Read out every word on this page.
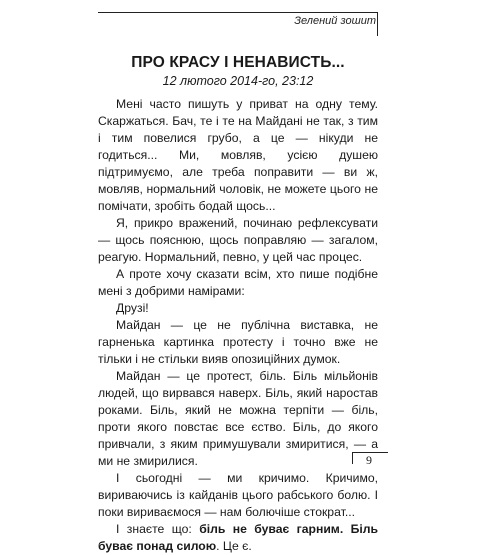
Зелений зошит
ПРО КРАСУ І НЕНАВИСТЬ...
12 лютого 2014-го, 23:12

Мені часто пишуть у приват на одну тему. Скаржаться. Бач, те і те на Майдані не так, з тим і тим повелися грубо, а це — нікуди не годиться... Ми, мовляв, усією душею підтримуємо, але треба поправити — ви ж, мовляв, нормальний чоловік, не можете цього не помічати, зробіть бодай щось...

Я, прикро вражений, починаю рефлексувати — щось пояснюю, щось поправляю — загалом, реагую. Нормальний, певно, у цей час процес.

А проте хочу сказати всім, хто пише подібне мені з добрими намірами:

Друзі!

Майдан — це не публічна виставка, не гарненька картинка протесту і точно вже не тільки і не стільки вияв опозиційних думок.

Майдан — це протест, біль. Біль мільйонів людей, що вирвався наверх. Біль, який наростав роками. Біль, який не можна терпіти — біль, проти якого повстає все єство. Біль, до якого привчали, з яким примушували змиритися, — а ми не змирилися.

І сьогодні — ми кричимо. Кричимо, вириваючись із кайданів цього рабського болю. І поки вириваємося — нам болючіше стократ...

І знаєте що: біль не буває гарним. Біль буває понад силою. Це є.

9
